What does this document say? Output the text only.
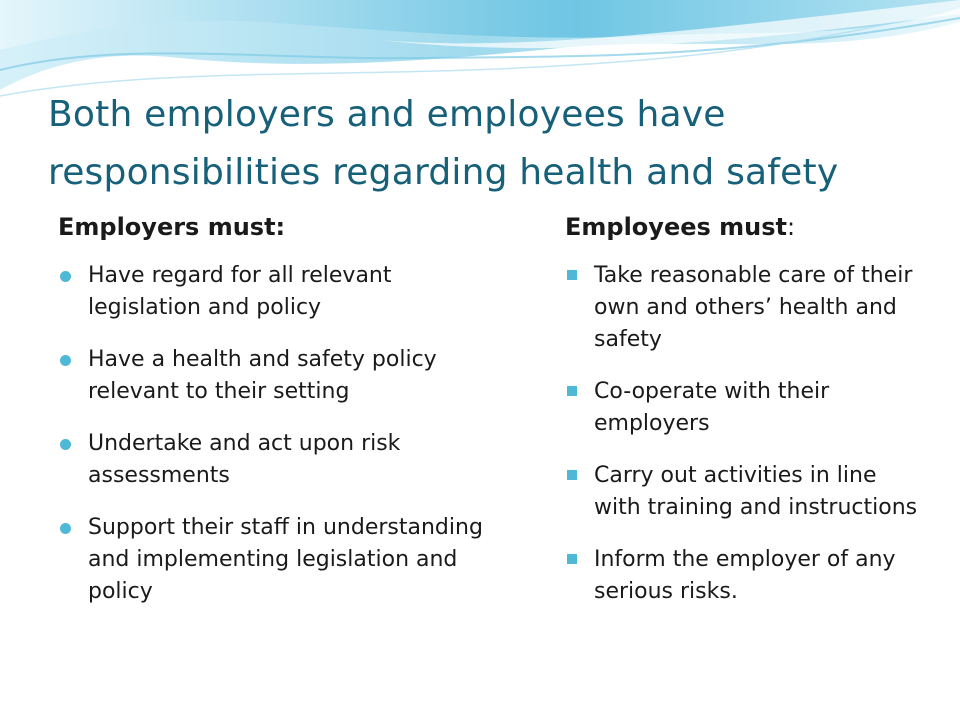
Both employers and employees have responsibilities regarding health and safety
Employers must:
Have regard for all relevant legislation and policy
Have a health and safety policy relevant to their setting
Undertake and act upon risk assessments
Support their staff in understanding and implementing legislation and policy
Employees must:
Take reasonable care of their own and others’ health and safety
Co-operate with their employers
Carry out activities in line with training and instructions
Inform the employer of any serious risks.
